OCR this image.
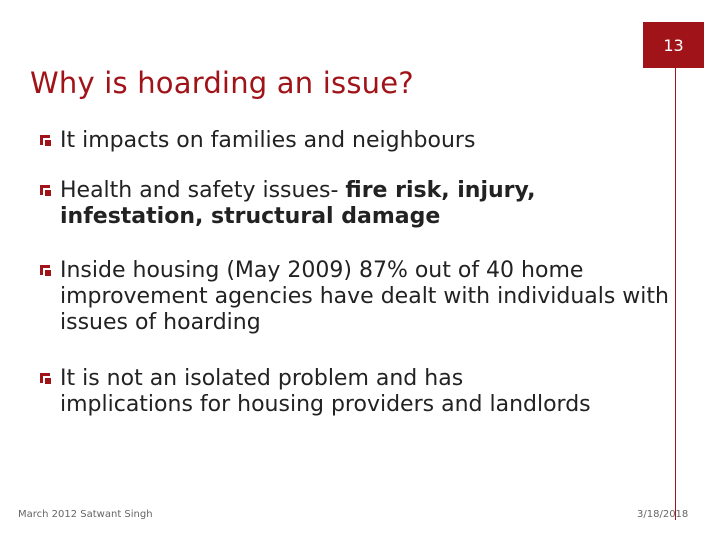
13
Why is hoarding an issue?
It impacts on families and neighbours
Health and safety issues- fire risk, injury, infestation, structural damage
Inside housing (May 2009) 87% out of 40 home improvement agencies have dealt with individuals with issues of hoarding
It is not an isolated problem and has implications for housing providers and landlords
March 2012 Satwant Singh	3/18/2018
